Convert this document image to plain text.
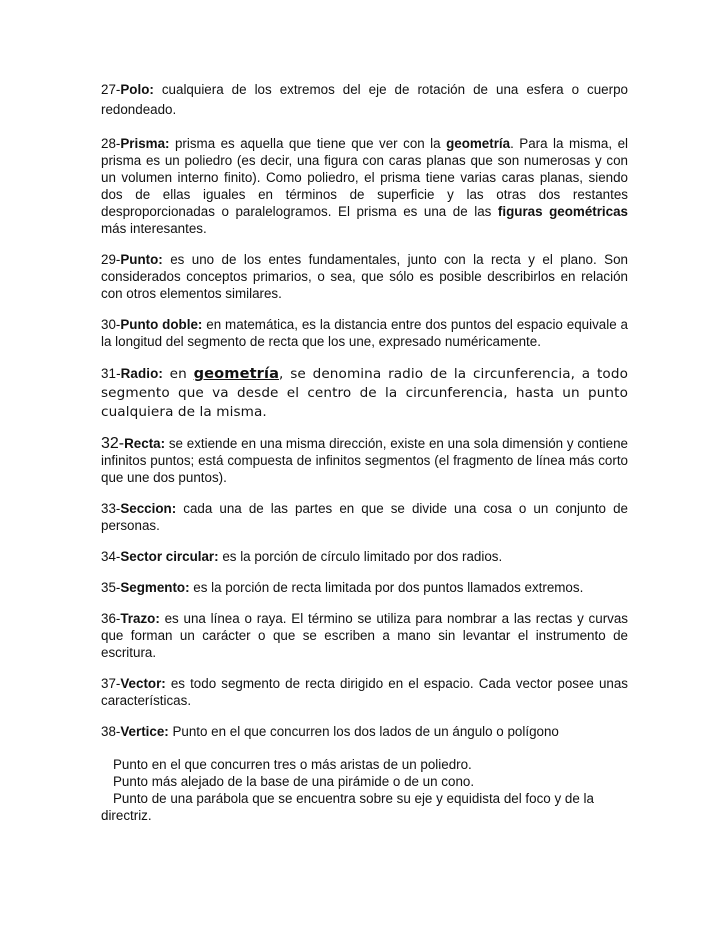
27-Polo: cualquiera de los extremos del eje de rotación de una esfera o cuerpo redondeado.

28-Prisma: prisma es aquella que tiene que ver con la geometría. Para la misma, el prisma es un poliedro (es decir, una figura con caras planas que son numerosas y con un volumen interno finito). Como poliedro, el prisma tiene varias caras planas, siendo dos de ellas iguales en términos de superficie y las otras dos restantes desproporcionadas o paralelogramos. El prisma es una de las figuras geométricas más interesantes.

29-Punto: es uno de los entes fundamentales, junto con la recta y el plano. Son considerados conceptos primarios, o sea, que sólo es posible describirlos en relación con otros elementos similares.

30-Punto doble: en matemática, es la distancia entre dos puntos del espacio equivale a la longitud del segmento de recta que los une, expresado numéricamente.

31-Radio: en geometría, se denomina radio de la circunferencia, a todo segmento que va desde el centro de la circunferencia, hasta un punto cualquiera de la misma.

32-Recta: se extiende en una misma dirección, existe en una sola dimensión y contiene infinitos puntos; está compuesta de infinitos segmentos (el fragmento de línea más corto que une dos puntos).

33-Seccion: cada una de las partes en que se divide una cosa o un conjunto de personas.

34-Sector circular: es la porción de círculo limitado por dos radios.

35-Segmento: es la porción de recta limitada por dos puntos llamados extremos.

36-Trazo: es una línea o raya. El término se utiliza para nombrar a las rectas y curvas que forman un carácter o que se escriben a mano sin levantar el instrumento de escritura.

37-Vector: es todo segmento de recta dirigido en el espacio. Cada vector posee unas características.

38-Vertice: Punto en el que concurren los dos lados de un ángulo o polígono

Punto en el que concurren tres o más aristas de un poliedro.

Punto más alejado de la base de una pirámide o de un cono.

Punto de una parábola que se encuentra sobre su eje y equidista del foco y de la directriz.
